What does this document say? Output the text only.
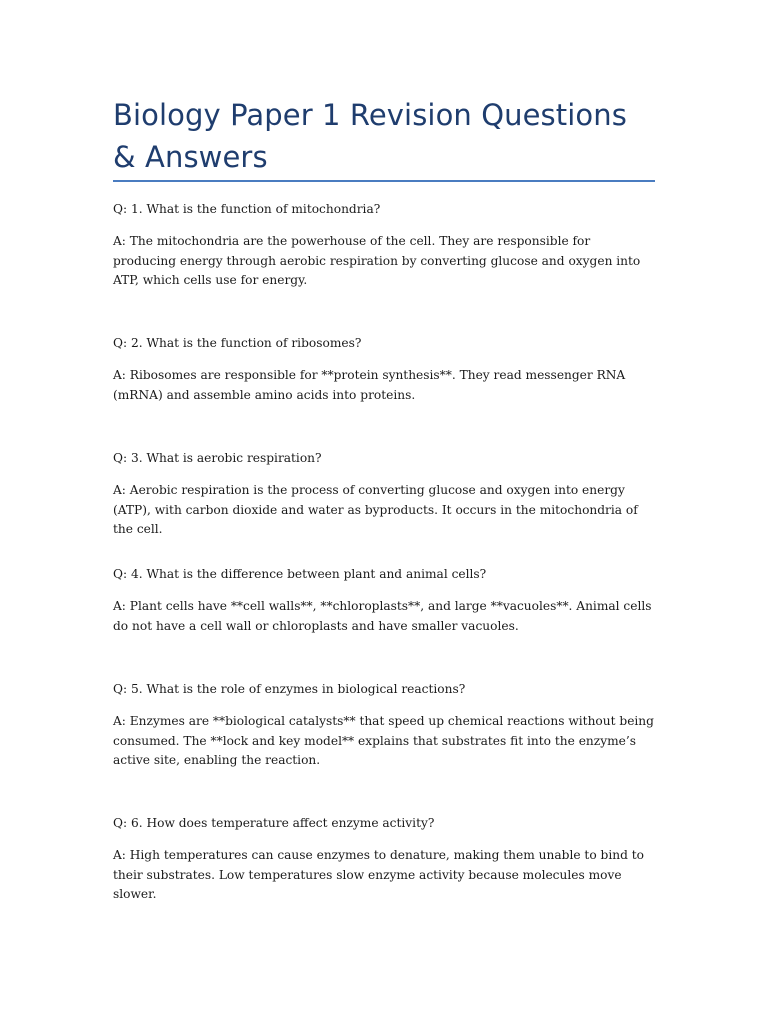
Biology Paper 1 Revision Questions & Answers

Q: 1. What is the function of mitochondria?

A: The mitochondria are the powerhouse of the cell. They are responsible for producing energy through aerobic respiration by converting glucose and oxygen into ATP, which cells use for energy.

Q: 2. What is the function of ribosomes?

A: Ribosomes are responsible for **protein synthesis**. They read messenger RNA (mRNA) and assemble amino acids into proteins.

Q: 3. What is aerobic respiration?

A: Aerobic respiration is the process of converting glucose and oxygen into energy (ATP), with carbon dioxide and water as byproducts. It occurs in the mitochondria of the cell.

Q: 4. What is the difference between plant and animal cells?

A: Plant cells have **cell walls**, **chloroplasts**, and large **vacuoles**. Animal cells do not have a cell wall or chloroplasts and have smaller vacuoles.

Q: 5. What is the role of enzymes in biological reactions?

A: Enzymes are **biological catalysts** that speed up chemical reactions without being consumed. The **lock and key model** explains that substrates fit into the enzyme’s active site, enabling the reaction.

Q: 6. How does temperature affect enzyme activity?

A: High temperatures can cause enzymes to denature, making them unable to bind to their substrates. Low temperatures slow enzyme activity because molecules move slower.
